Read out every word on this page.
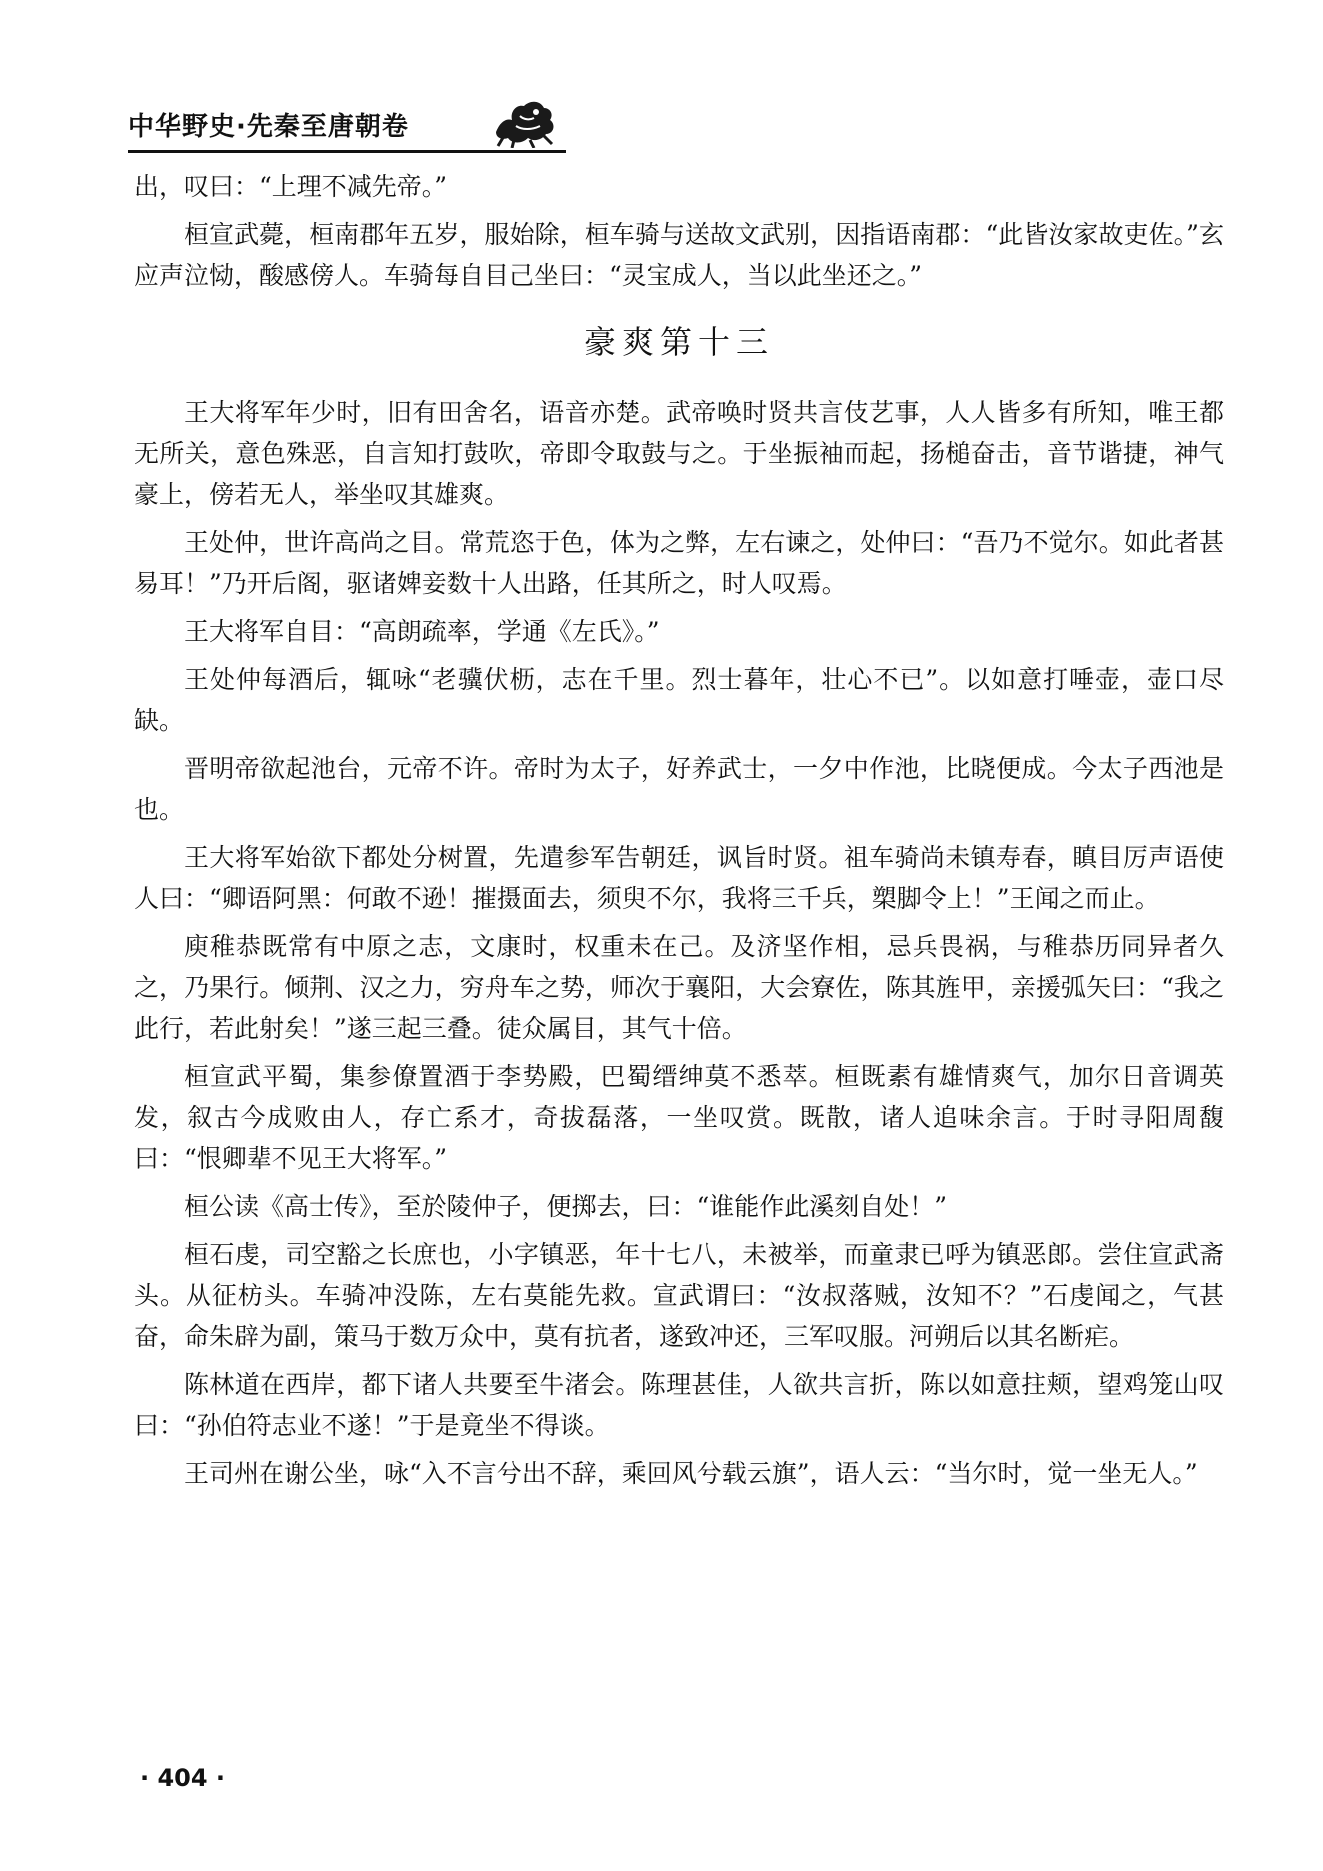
中华野史·先秦至唐朝卷

出，叹曰：“上理不减先帝。”

桓宣武薨，桓南郡年五岁，服始除，桓车骑与送故文武别，因指语南郡：“此皆汝家故吏佐。”玄应声泣恸，酸感傍人。车骑每自目己坐曰：“灵宝成人，当以此坐还之。”

豪爽第十三

王大将军年少时，旧有田舍名，语音亦楚。武帝唤时贤共言伎艺事，人人皆多有所知，唯王都无所关，意色殊恶，自言知打鼓吹，帝即令取鼓与之。于坐振袖而起，扬槌奋击，音节谐捷，神气豪上，傍若无人，举坐叹其雄爽。

王处仲，世许高尚之目。常荒恣于色，体为之弊，左右谏之，处仲曰：“吾乃不觉尔。如此者甚易耳！”乃开后阁，驱诸婢妾数十人出路，任其所之，时人叹焉。

王大将军自目：“高朗疏率，学通《左氏》。”

王处仲每酒后，辄咏“老骥伏枥，志在千里。烈士暮年，壮心不已”。以如意打唾壶，壶口尽缺。

晋明帝欲起池台，元帝不许。帝时为太子，好养武士，一夕中作池，比晓便成。今太子西池是也。

王大将军始欲下都处分树置，先遣参军告朝廷，讽旨时贤。祖车骑尚未镇寿春，瞋目厉声语使人曰：“卿语阿黑：何敢不逊！摧摄面去，须臾不尔，我将三千兵，槊脚令上！”王闻之而止。

庾稚恭既常有中原之志，文康时，权重未在己。及济坚作相，忌兵畏祸，与稚恭历同异者久之，乃果行。倾荆、汉之力，穷舟车之势，师次于襄阳，大会寮佐，陈其旌甲，亲援弧矢曰：“我之此行，若此射矣！”遂三起三叠。徒众属目，其气十倍。

桓宣武平蜀，集参僚置酒于李势殿，巴蜀缙绅莫不悉萃。桓既素有雄情爽气，加尔日音调英发，叙古今成败由人，存亡系才，奇拔磊落，一坐叹赏。既散，诸人追味余言。于时寻阳周馥曰：“恨卿辈不见王大将军。”

桓公读《高士传》，至於陵仲子，便掷去，曰：“谁能作此溪刻自处！”

桓石虔，司空豁之长庶也，小字镇恶，年十七八，未被举，而童隶已呼为镇恶郎。尝住宣武斋头。从征枋头。车骑冲没陈，左右莫能先救。宣武谓曰：“汝叔落贼，汝知不？”石虔闻之，气甚奋，命朱辟为副，策马于数万众中，莫有抗者，遂致冲还，三军叹服。河朔后以其名断疟。

陈林道在西岸，都下诸人共要至牛渚会。陈理甚佳，人欲共言折，陈以如意拄颊，望鸡笼山叹曰：“孙伯符志业不遂！”于是竟坐不得谈。

王司州在谢公坐，咏“入不言兮出不辞，乘回风兮载云旗”，语人云：“当尔时，觉一坐无人。”

· 404 ·
